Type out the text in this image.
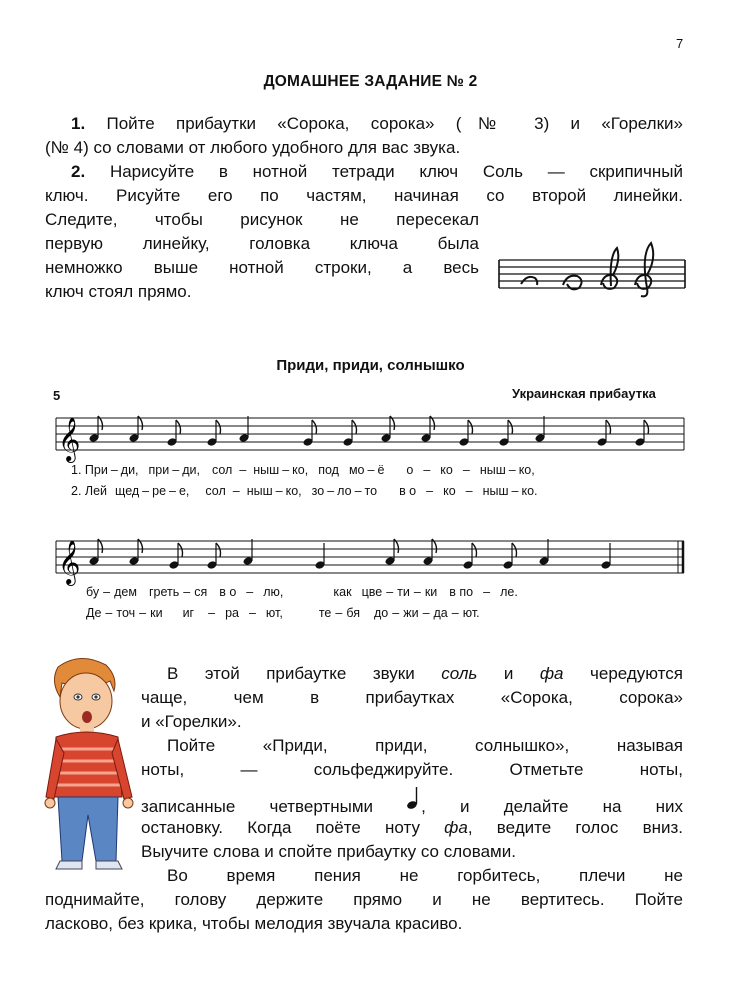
7
ДОМАШНЕЕ ЗАДАНИЕ № 2
1. Пойте прибаутки «Сорока, сорока» (№ 3) и «Горелки»
(№ 4) со словами от любого удобного для вас звука.
2. Нарисуйте в нотной тетради ключ Соль — скрипичный
ключ. Рисуйте его по частям, начиная со второй линейки.
Следите, чтобы рисунок не пересекал
первую линейку, головка ключа была
немножко выше нотной строки, а весь
ключ стоял прямо.
Приди, приди, солнышко
5	Украинская прибаутка
𝄞
1. При – ди, при – ди, сол – ныш – ко, под мо – ё о – ко – ныш – ко,
2. Лей щед – ре – е, сол – ныш – ко, зо – ло – то в о – ко – ныш – ко.
𝄞
бу – дем греть – ся в о – лю,	как цве – ти – ки в по – ле.
Де – точ – ки иг – ра – ют,	те – бя до – жи – да – ют.
В этой прибаутке звуки соль и фа чередуются
чаще, чем в прибаутках «Сорока, сорока»
и «Горелки».
Пойте «Приди, приди, солнышко», называя
ноты, — сольфеджируйте. Отметьте ноты,
записанные четвертными	, и делайте на них
остановку. Когда поёте ноту фа, ведите голос вниз.
Выучите слова и спойте прибаутку со словами.
Во время пения не горбитесь, плечи не
поднимайте, голову держите прямо и не вертитесь. Пойте
ласково, без крика, чтобы мелодия звучала красиво.
